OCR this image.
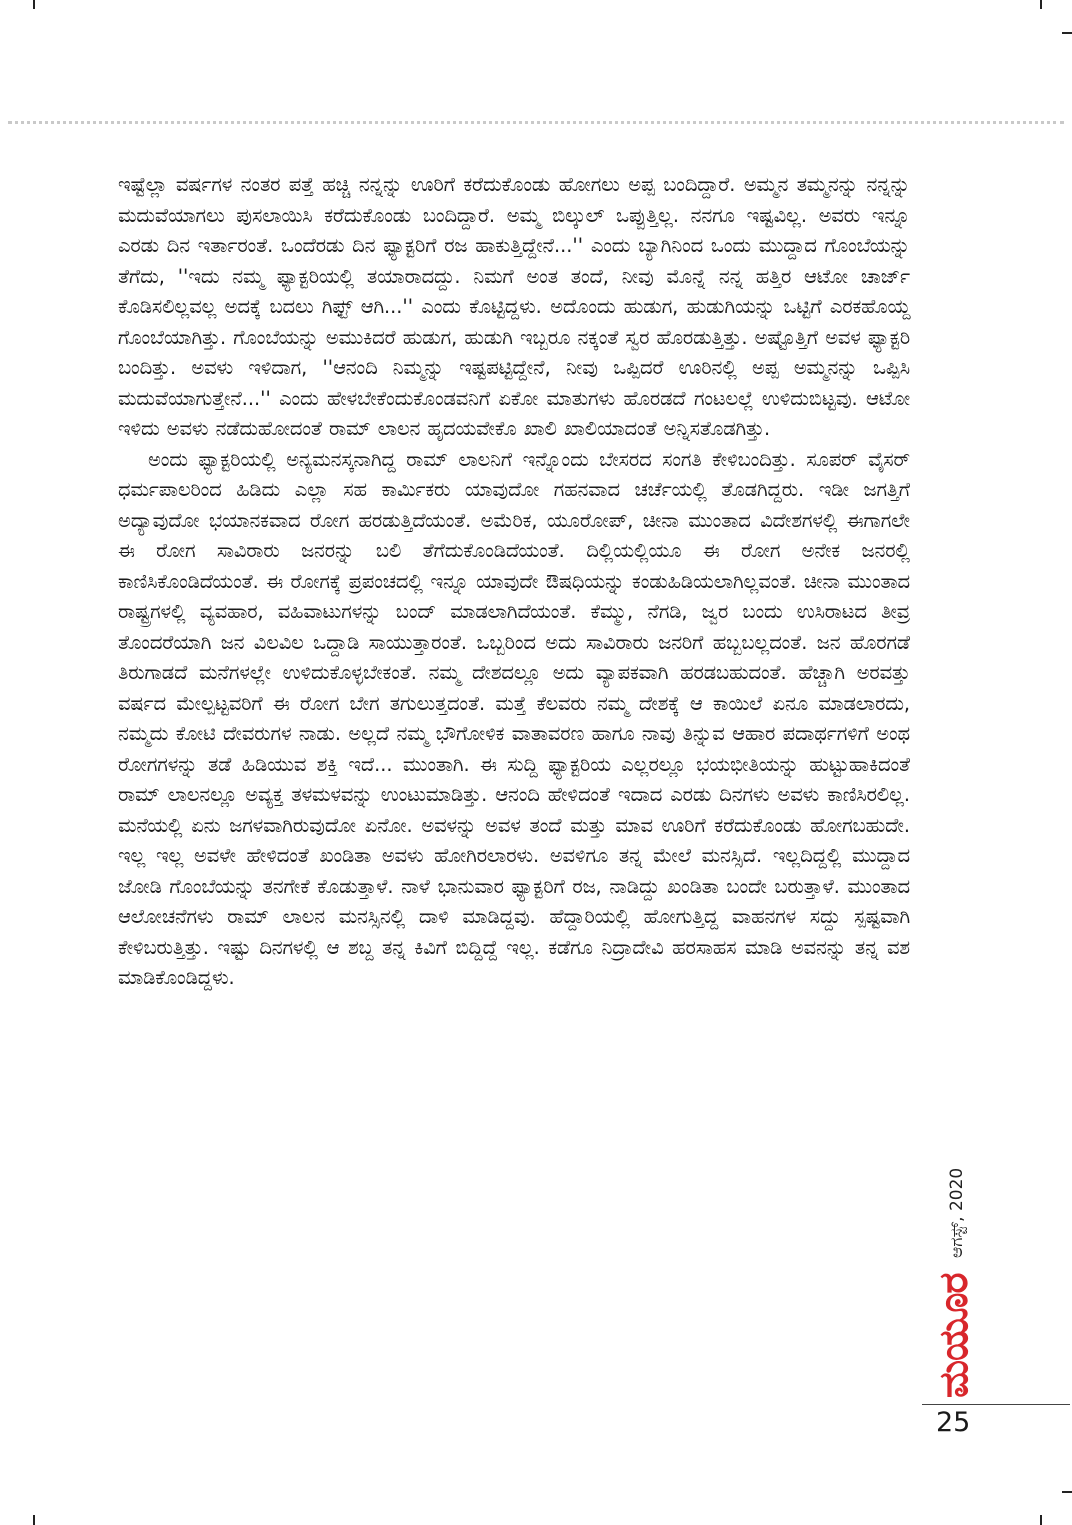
ಇಷ್ಟೆಲ್ಲಾ ವರ್ಷಗಳ ನಂತರ ಪತ್ತೆ ಹಚ್ಚಿ ನನ್ನನ್ನು ಊರಿಗೆ ಕರೆದುಕೊಂಡು ಹೋಗಲು ಅಪ್ಪ ಬಂದಿದ್ದಾರೆ. ಅಮ್ಮನ ತಮ್ಮನನ್ನು ನನ್ನನ್ನು ಮದುವೆಯಾಗಲು ಪುಸಲಾಯಿಸಿ ಕರೆದುಕೊಂಡು ಬಂದಿದ್ದಾರೆ. ಅಮ್ಮ ಬಿಲ್ಕುಲ್ ಒಪ್ಪುತ್ತಿಲ್ಲ. ನನಗೂ ಇಷ್ಟವಿಲ್ಲ. ಅವರು ಇನ್ನೂ ಎರಡು ದಿನ ಇರ್ತಾರಂತೆ. ಒಂದೆರಡು ದಿನ ಫ್ಯಾಕ್ಟರಿಗೆ ರಜ ಹಾಕುತ್ತಿದ್ದೇನೆ...'' ಎಂದು ಬ್ಯಾಗಿನಿಂದ ಒಂದು ಮುದ್ದಾದ ಗೊಂಬೆಯನ್ನು ತೆಗೆದು, ''ಇದು ನಮ್ಮ ಫ್ಯಾಕ್ಟರಿಯಲ್ಲಿ ತಯಾರಾದದ್ದು. ನಿಮಗೆ ಅಂತ ತಂದೆ, ನೀವು ಮೊನ್ನೆ ನನ್ನ ಹತ್ತಿರ ಆಟೋ ಚಾರ್ಜ್ ಕೊಡಿಸಲಿಲ್ಲವಲ್ಲ ಅದಕ್ಕೆ ಬದಲು ಗಿಫ್ಟ್ ಆಗಿ...'' ಎಂದು ಕೊಟ್ಟಿದ್ದಳು. ಅದೊಂದು ಹುಡುಗ, ಹುಡುಗಿಯನ್ನು ಒಟ್ಟಿಗೆ ಎರಕಹೊಯ್ದ ಗೊಂಬೆಯಾಗಿತ್ತು. ಗೊಂಬೆಯನ್ನು ಅಮುಕಿದರೆ ಹುಡುಗ, ಹುಡುಗಿ ಇಬ್ಬರೂ ನಕ್ಕಂತೆ ಸ್ವರ ಹೊರಡುತ್ತಿತ್ತು. ಅಷ್ಟೊತ್ತಿಗೆ ಅವಳ ಫ್ಯಾಕ್ಟರಿ ಬಂದಿತ್ತು. ಅವಳು ಇಳಿದಾಗ, ''ಆನಂದಿ ನಿಮ್ಮನ್ನು ಇಷ್ಟಪಟ್ಟಿದ್ದೇನೆ, ನೀವು ಒಪ್ಪಿದರೆ ಊರಿನಲ್ಲಿ ಅಪ್ಪ ಅಮ್ಮನನ್ನು ಒಪ್ಪಿಸಿ ಮದುವೆಯಾಗುತ್ತೇನೆ...'' ಎಂದು ಹೇಳಬೇಕೆಂದುಕೊಂಡವನಿಗೆ ಏಕೋ ಮಾತುಗಳು ಹೊರಡದೆ ಗಂಟಲಲ್ಲೆ ಉಳಿದುಬಿಟ್ಟವು. ಆಟೋ ಇಳಿದು ಅವಳು ನಡೆದುಹೋದಂತೆ ರಾಮ್ ಲಾಲನ ಹೃದಯವೇಕೊ ಖಾಲಿ ಖಾಲಿಯಾದಂತೆ ಅನ್ನಿಸತೊಡಗಿತ್ತು.

ಅಂದು ಫ್ಯಾಕ್ಟರಿಯಲ್ಲಿ ಅನ್ಯಮನಸ್ಕನಾಗಿದ್ದ ರಾಮ್ ಲಾಲನಿಗೆ ಇನ್ನೊಂದು ಬೇಸರದ ಸಂಗತಿ ಕೇಳಿಬಂದಿತ್ತು. ಸೂಪರ್ ವೈಸರ್ ಧರ್ಮಪಾಲರಿಂದ ಹಿಡಿದು ಎಲ್ಲಾ ಸಹ ಕಾರ್ಮಿಕರು ಯಾವುದೋ ಗಹನವಾದ ಚರ್ಚೆಯಲ್ಲಿ ತೊಡಗಿದ್ದರು. ಇಡೀ ಜಗತ್ತಿಗೆ ಅದ್ಯಾವುದೋ ಭಯಾನಕವಾದ ರೋಗ ಹರಡುತ್ತಿದೆಯಂತೆ. ಅಮೆರಿಕ, ಯೂರೋಪ್, ಚೀನಾ ಮುಂತಾದ ವಿದೇಶಗಳಲ್ಲಿ ಈಗಾಗಲೇ ಈ ರೋಗ ಸಾವಿರಾರು ಜನರನ್ನು ಬಲಿ ತೆಗೆದುಕೊಂಡಿದೆಯಂತೆ. ದಿಲ್ಲಿಯಲ್ಲಿಯೂ ಈ ರೋಗ ಅನೇಕ ಜನರಲ್ಲಿ ಕಾಣಿಸಿಕೊಂಡಿದೆಯಂತೆ. ಈ ರೋಗಕ್ಕೆ ಪ್ರಪಂಚದಲ್ಲಿ ಇನ್ನೂ ಯಾವುದೇ ಔಷಧಿಯನ್ನು ಕಂಡುಹಿಡಿಯಲಾಗಿಲ್ಲವಂತೆ. ಚೀನಾ ಮುಂತಾದ ರಾಷ್ಟ್ರಗಳಲ್ಲಿ ವ್ಯವಹಾರ, ವಹಿವಾಟುಗಳನ್ನು ಬಂದ್ ಮಾಡಲಾಗಿದೆಯಂತೆ. ಕೆಮ್ಮು, ನೆಗಡಿ, ಜ್ವರ ಬಂದು ಉಸಿರಾಟದ ತೀವ್ರ ತೊಂದರೆಯಾಗಿ ಜನ ವಿಲವಿಲ ಒದ್ದಾಡಿ ಸಾಯುತ್ತಾರಂತೆ. ಒಬ್ಬರಿಂದ ಅದು ಸಾವಿರಾರು ಜನರಿಗೆ ಹಬ್ಬಬಲ್ಲದಂತೆ. ಜನ ಹೊರಗಡೆ ತಿರುಗಾಡದೆ ಮನೆಗಳಲ್ಲೇ ಉಳಿದುಕೊಳ್ಳಬೇಕಂತೆ. ನಮ್ಮ ದೇಶದಲ್ಲೂ ಅದು ವ್ಯಾಪಕವಾಗಿ ಹರಡಬಹುದಂತೆ. ಹೆಚ್ಚಾಗಿ ಅರವತ್ತು ವರ್ಷದ ಮೇಲ್ಪಟ್ಟವರಿಗೆ ಈ ರೋಗ ಬೇಗ ತಗುಲುತ್ತದಂತೆ. ಮತ್ತೆ ಕೆಲವರು ನಮ್ಮ ದೇಶಕ್ಕೆ ಆ ಕಾಯಿಲೆ ಏನೂ ಮಾಡಲಾರದು, ನಮ್ಮದು ಕೋಟಿ ದೇವರುಗಳ ನಾಡು. ಅಲ್ಲದೆ ನಮ್ಮ ಭೌಗೋಳಿಕ ವಾತಾವರಣ ಹಾಗೂ ನಾವು ತಿನ್ನುವ ಆಹಾರ ಪದಾರ್ಥಗಳಿಗೆ ಅಂಥ ರೋಗಗಳನ್ನು ತಡೆ ಹಿಡಿಯುವ ಶಕ್ತಿ ಇದೆ... ಮುಂತಾಗಿ. ಈ ಸುದ್ದಿ ಫ್ಯಾಕ್ಟರಿಯ ಎಲ್ಲರಲ್ಲೂ ಭಯಭೀತಿಯನ್ನು ಹುಟ್ಟುಹಾಕಿದಂತೆ ರಾಮ್ ಲಾಲನಲ್ಲೂ ಅವ್ಯಕ್ತ ತಳಮಳವನ್ನು ಉಂಟುಮಾಡಿತ್ತು. ಆನಂದಿ ಹೇಳಿದಂತೆ ಇದಾದ ಎರಡು ದಿನಗಳು ಅವಳು ಕಾಣಿಸಿರಲಿಲ್ಲ. ಮನೆಯಲ್ಲಿ ಏನು ಜಗಳವಾಗಿರುವುದೋ ಏನೋ. ಅವಳನ್ನು ಅವಳ ತಂದೆ ಮತ್ತು ಮಾವ ಊರಿಗೆ ಕರೆದುಕೊಂಡು ಹೋಗಬಹುದೇ. ಇಲ್ಲ ಇಲ್ಲ ಅವಳೇ ಹೇಳಿದಂತೆ ಖಂಡಿತಾ ಅವಳು ಹೋಗಿರಲಾರಳು. ಅವಳಿಗೂ ತನ್ನ ಮೇಲೆ ಮನಸ್ಸಿದೆ. ಇಲ್ಲದಿದ್ದಲ್ಲಿ ಮುದ್ದಾದ ಜೋಡಿ ಗೊಂಬೆಯನ್ನು ತನಗೇಕೆ ಕೊಡುತ್ತಾಳೆ. ನಾಳೆ ಭಾನುವಾರ ಫ್ಯಾಕ್ಟರಿಗೆ ರಜ, ನಾಡಿದ್ದು ಖಂಡಿತಾ ಬಂದೇ ಬರುತ್ತಾಳೆ. ಮುಂತಾದ ಆಲೋಚನೆಗಳು ರಾಮ್ ಲಾಲನ ಮನಸ್ಸಿನಲ್ಲಿ ದಾಳಿ ಮಾಡಿದ್ದವು. ಹೆದ್ದಾರಿಯಲ್ಲಿ ಹೋಗುತ್ತಿದ್ದ ವಾಹನಗಳ ಸದ್ದು ಸ್ಪಷ್ಟವಾಗಿ ಕೇಳಿಬರುತ್ತಿತ್ತು. ಇಷ್ಟು ದಿನಗಳಲ್ಲಿ ಆ ಶಬ್ದ ತನ್ನ ಕಿವಿಗೆ ಬಿದ್ದಿದ್ದೆ ಇಲ್ಲ. ಕಡೆಗೂ ನಿದ್ರಾದೇವಿ ಹರಸಾಹಸ ಮಾಡಿ ಅವನನ್ನು ತನ್ನ ವಶ ಮಾಡಿಕೊಂಡಿದ್ದಳು.

ಆಗಸ್ಟ್, 2020
ಮಯೂರ
25
